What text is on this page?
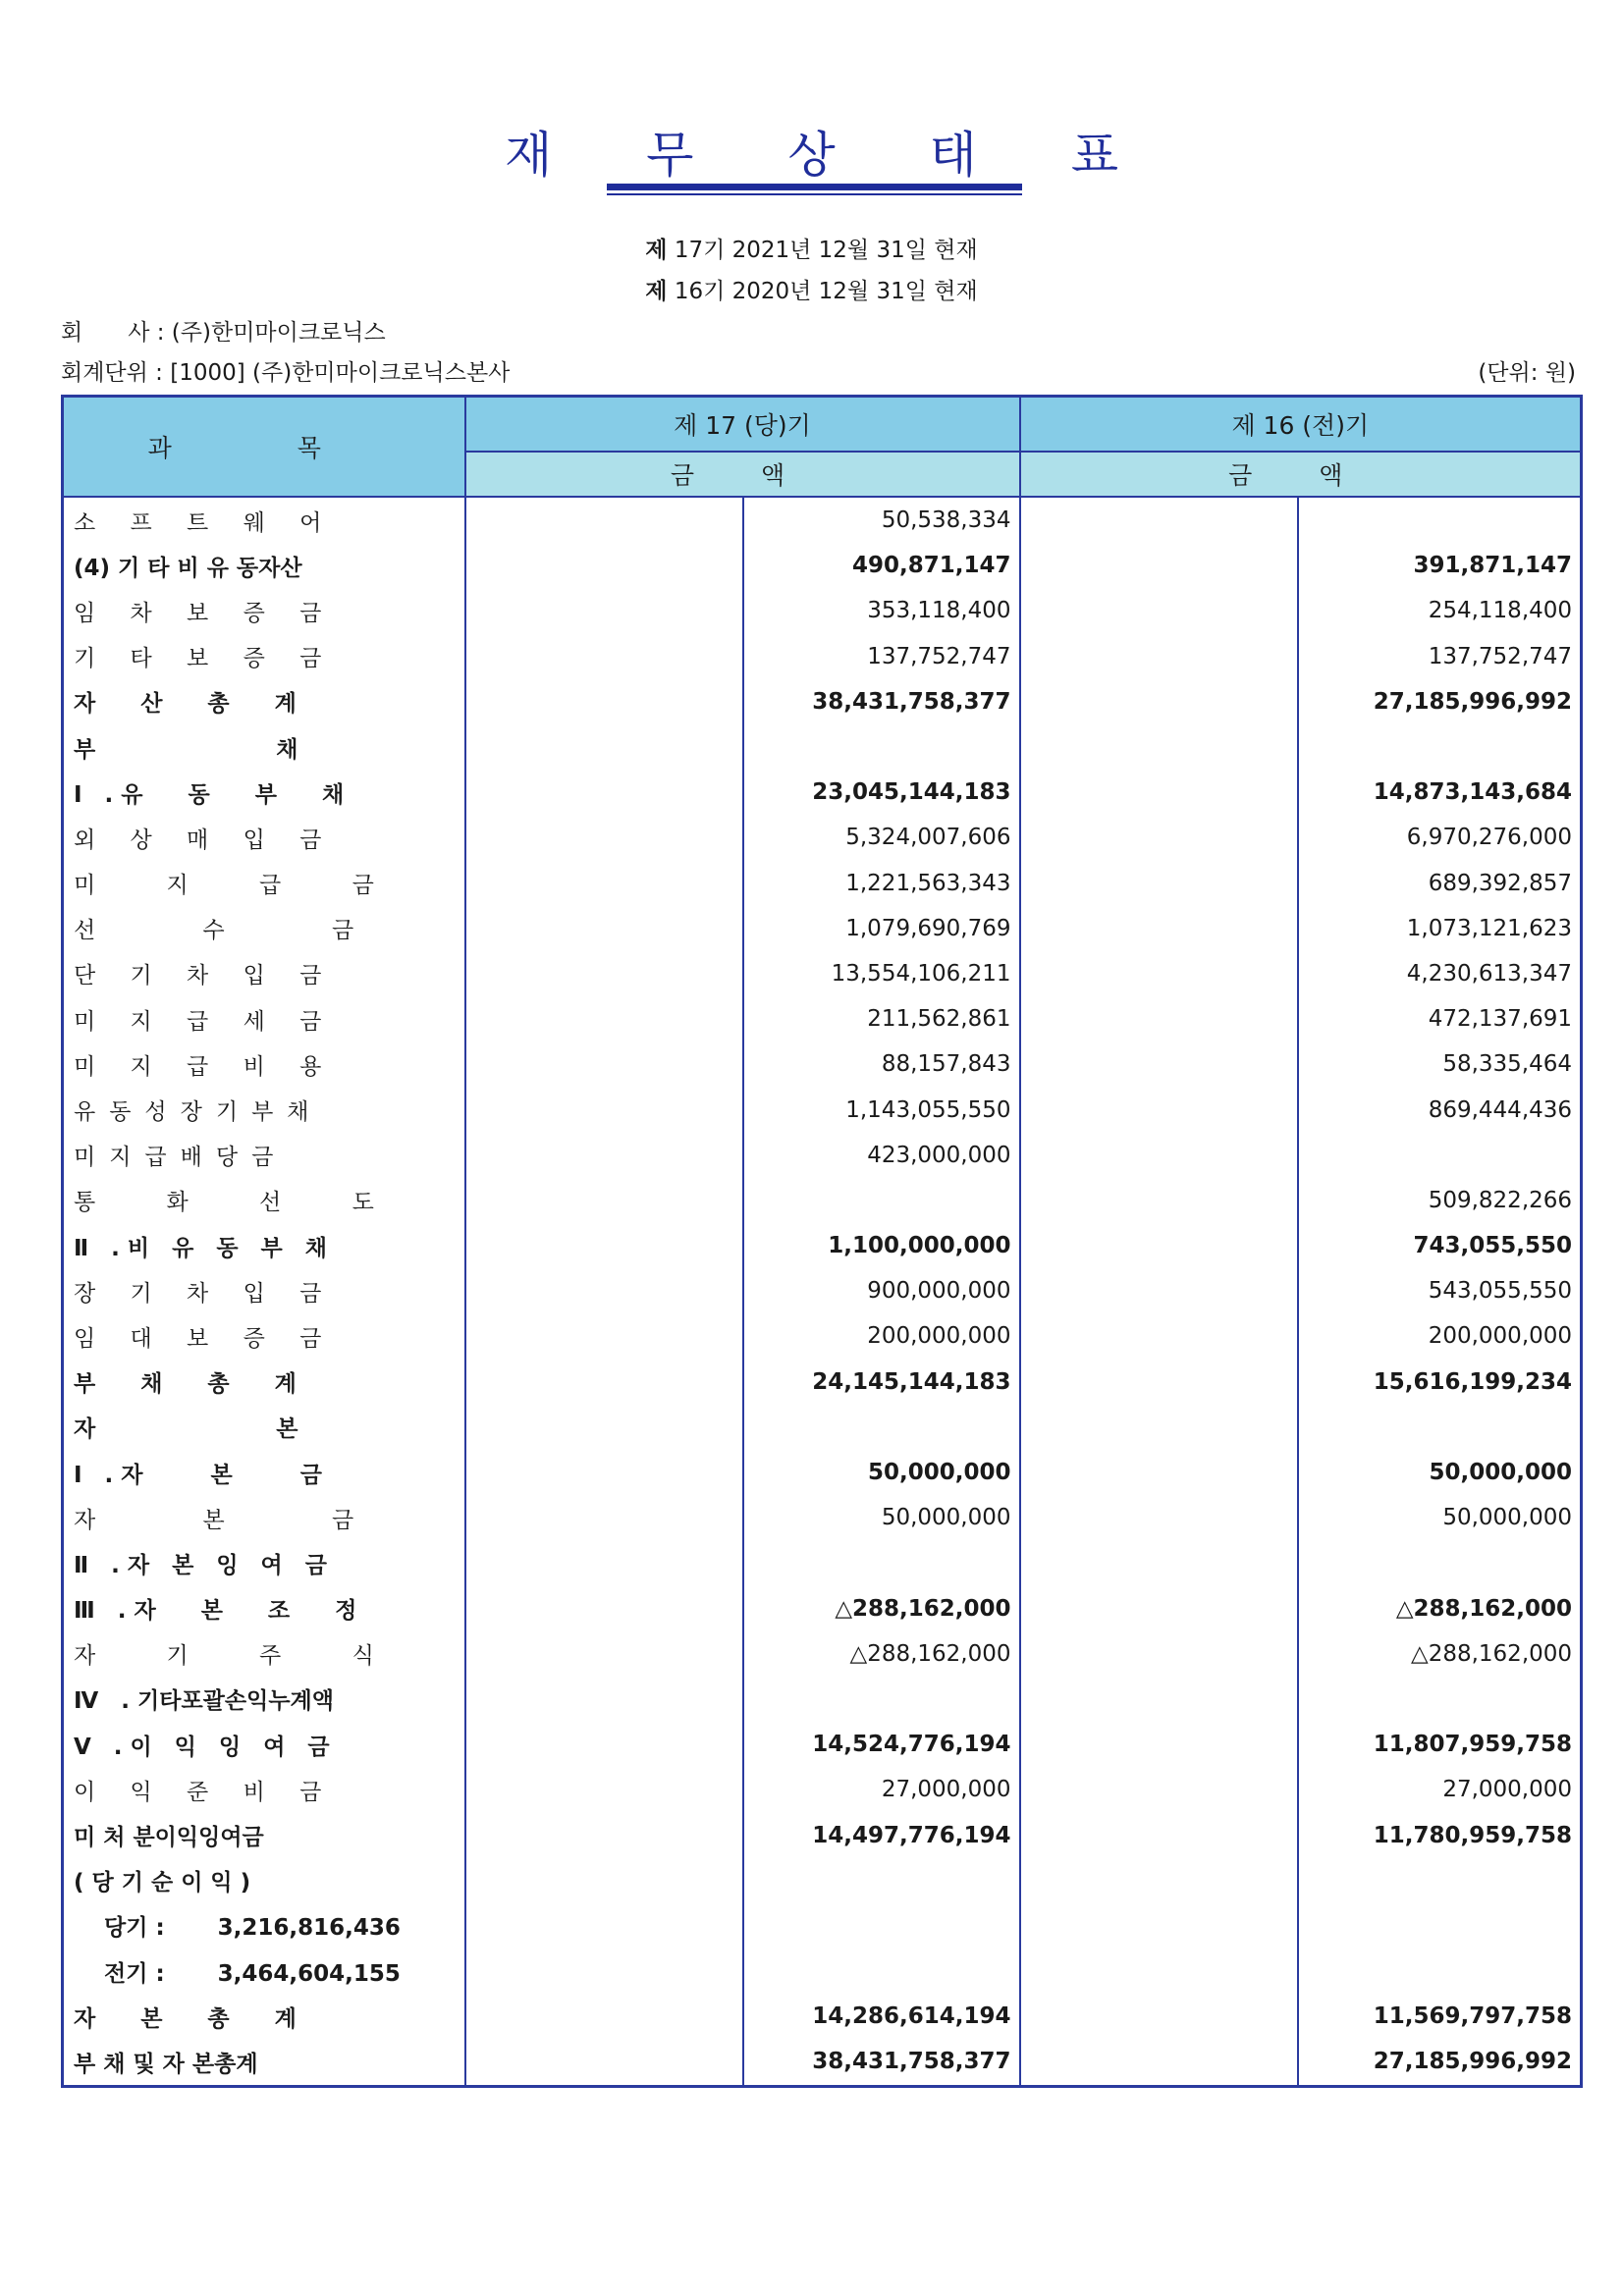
재 무 상 태 표
제 17기 2021년 12월 31일 현재
제 16기 2020년 12월 31일 현재
회　　사 : (주)한미마이크로닉스
회계단위 : [1000] (주)한미마이크로닉스본사	(단위: 원)
과 목	제 17 (당)기		제 16 (전)기	
	금 액		금 액	
소 프 트 웨 어		50,538,334		
(4) 기 타 비 유 동자산		490,871,147		391,871,147
임 차 보 증 금		353,118,400		254,118,400
기 타 보 증 금		137,752,747		137,752,747
자　　산　　총　　계		38,431,758,377		27,185,996,992
부　　　　　　　　채				
Ⅰ　. 유　　동　　부　　채		23,045,144,183		14,873,143,684
외 상 매 입 금		5,324,007,606		6,970,276,000
미　 지　 급　 금		1,221,563,343		689,392,857
선　　 수　　 금		1,079,690,769		1,073,121,623
단 기 차 입 금		13,554,106,211		4,230,613,347
미 지 급 세 금		211,562,861		472,137,691
미 지 급 비 용		88,157,843		58,335,464
유동성장기부채		1,143,055,550		869,444,436
미지급배당금		423,000,000		
통　 화　 선　 도				509,822,266
Ⅱ　. 비　유　동　부　채		1,100,000,000		743,055,550
장 기 차 입 금		900,000,000		543,055,550
임 대 보 증 금		200,000,000		200,000,000
부　　채　　총　　계		24,145,144,183		15,616,199,234
자　　　　　　　　본				
Ⅰ　. 자　　　본　　　금		50,000,000		50,000,000
자　　 본　　 금		50,000,000		50,000,000
Ⅱ　. 자　본　잉　여　금				
Ⅲ　. 자　　본　　조　　정		△288,162,000		△288,162,000
자　 기　 주　 식		△288,162,000		△288,162,000
Ⅳ　. 기타포괄손익누계액				
Ⅴ　. 이　익　잉　여　금		14,524,776,194		11,807,959,758
이 익 준 비 금		27,000,000		27,000,000
미 처 분이익잉여금		14,497,776,194		11,780,959,758
( 당 기 순 이 익 )				
　 당기 :　　 3,216,816,436				
　 전기 :　　 3,464,604,155				
자　　본　　총　　계		14,286,614,194		11,569,797,758
부 채 및 자 본총계		38,431,758,377		27,185,996,992
